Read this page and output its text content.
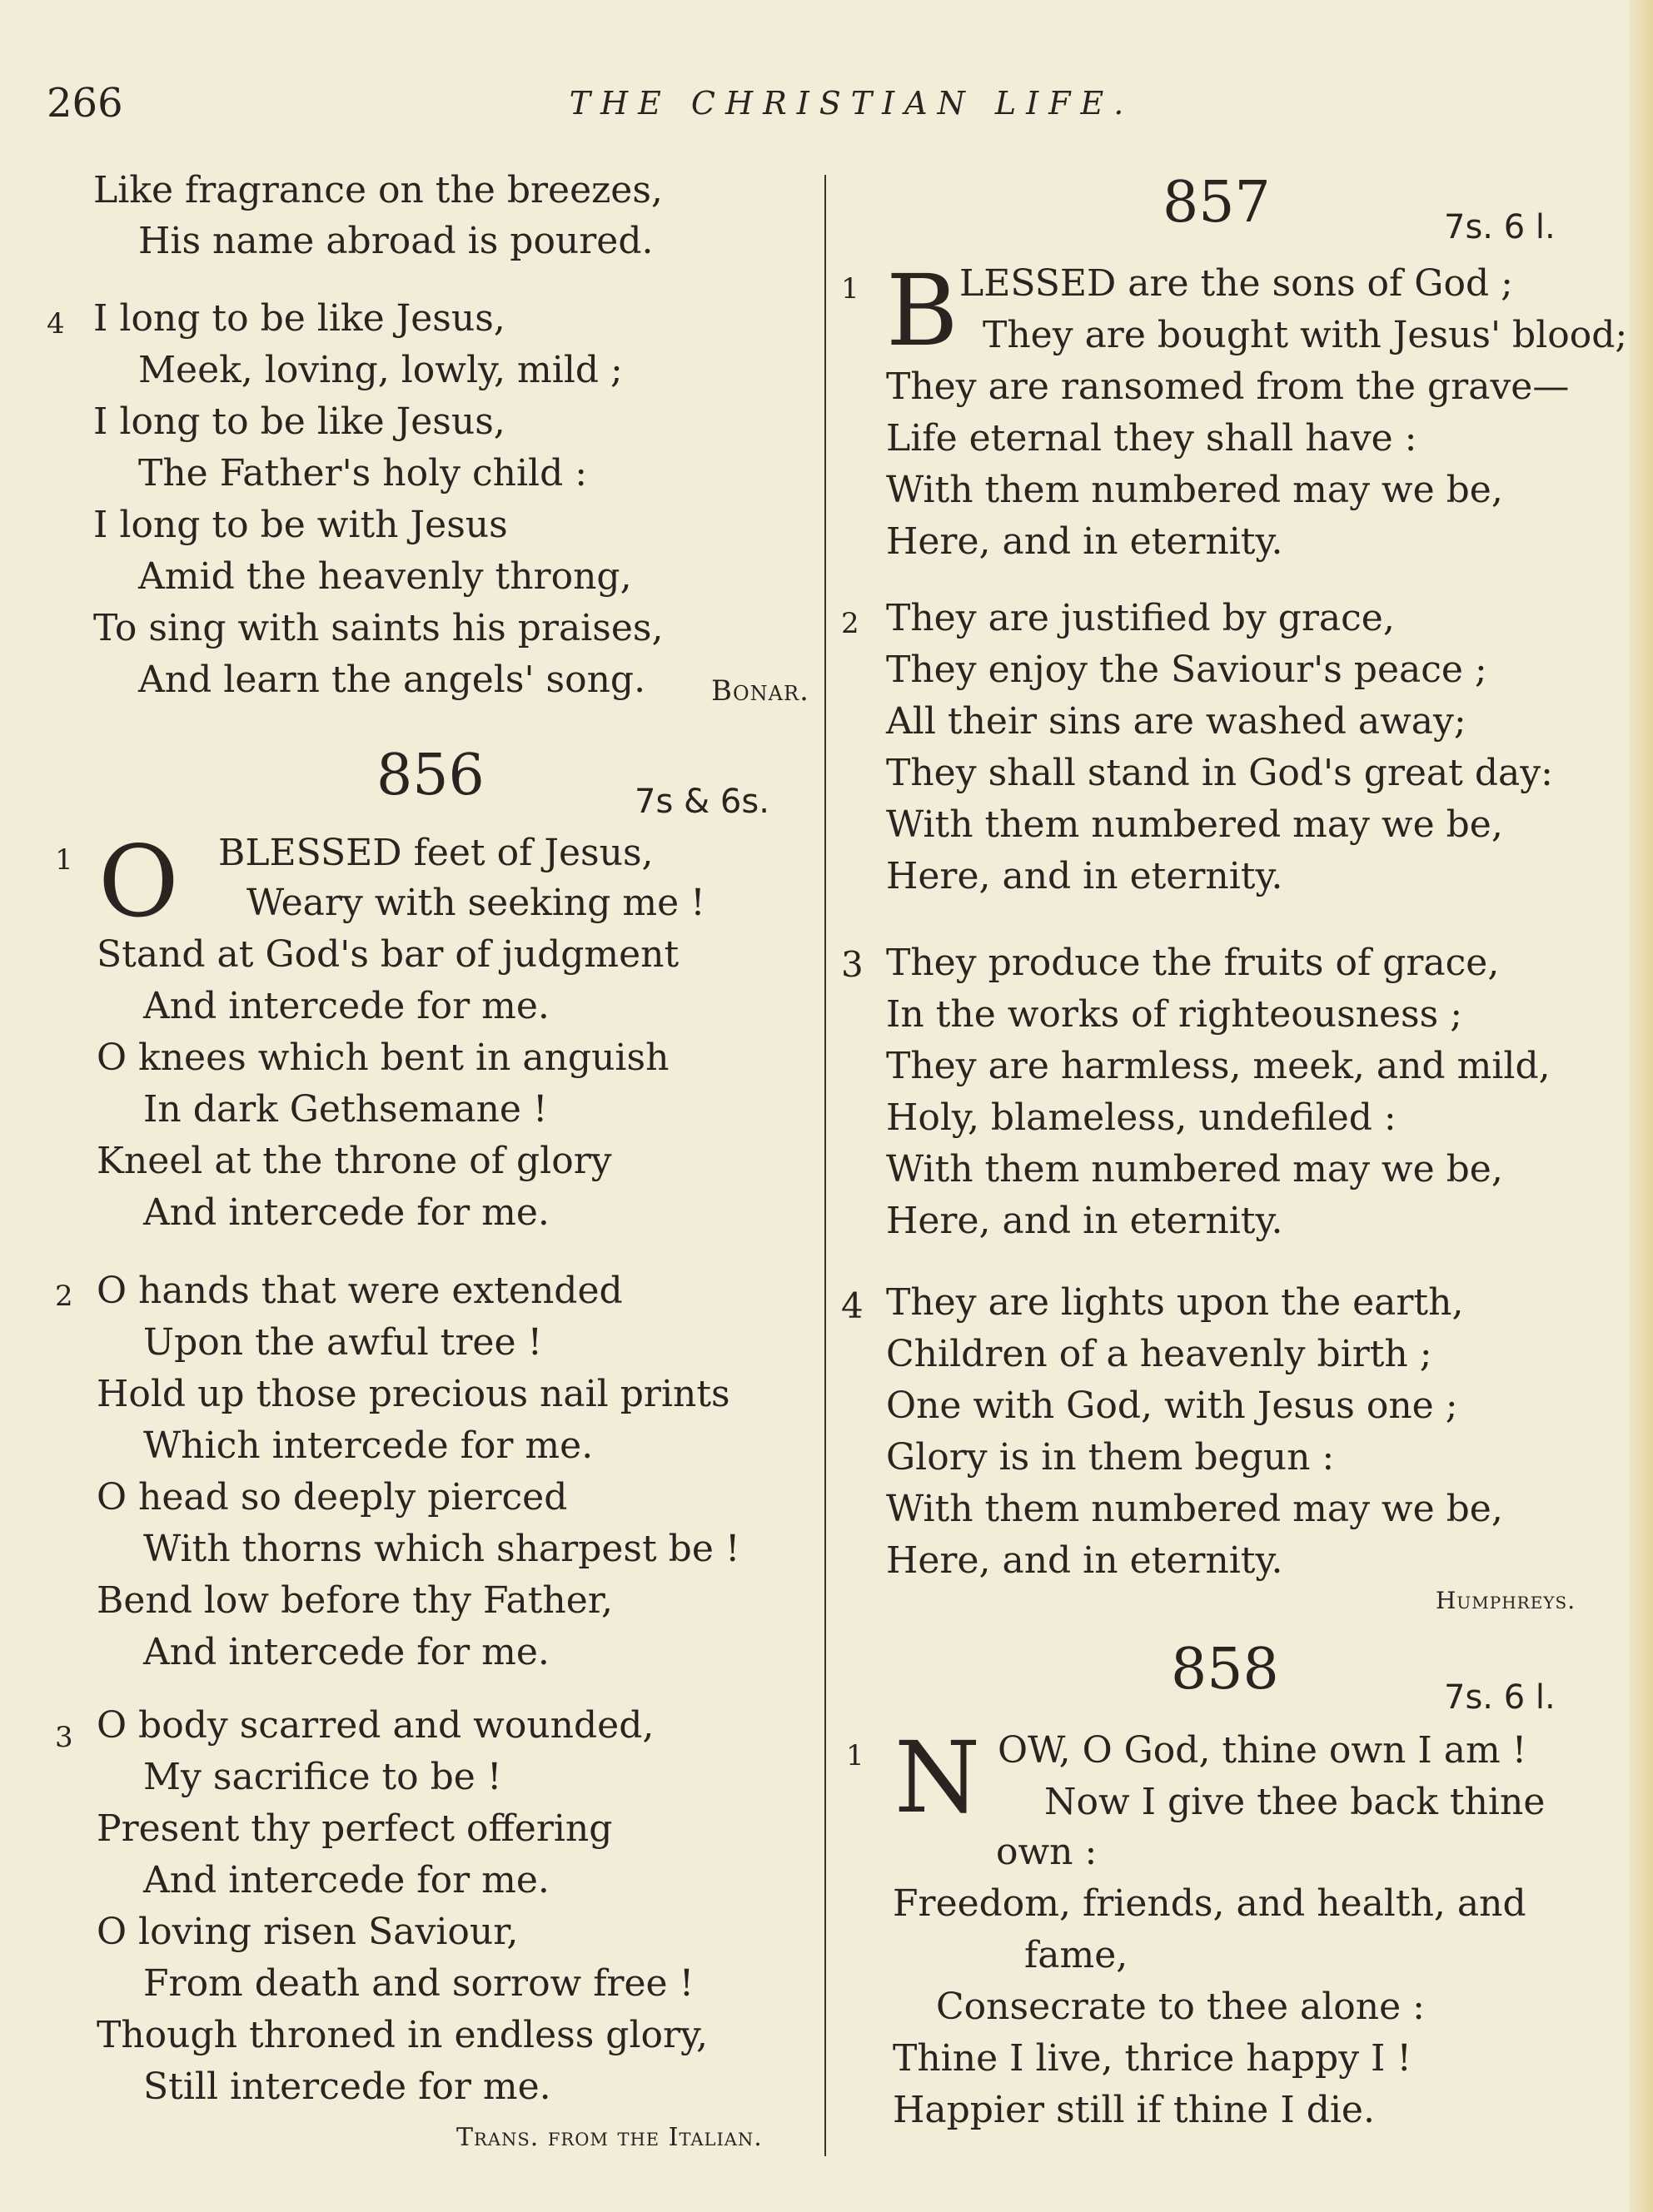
266	THE CHRISTIAN LIFE.
Like fragrance on the breezes,
His name abroad is poured.
4 I long to be like Jesus,
Meek, loving, lowly, mild ;
I long to be like Jesus,
The Father's holy child :
I long to be with Jesus
Amid the heavenly throng,
To sing with saints his praises,
And learn the angels' song. Bonar.
856	7s & 6s.
1 O BLESSED feet of Jesus,
Weary with seeking me !
Stand at God's bar of judgment
And intercede for me.
O knees which bent in anguish
In dark Gethsemane !
Kneel at the throne of glory
And intercede for me.
2 O hands that were extended
Upon the awful tree !
Hold up those precious nail prints
Which intercede for me.
O head so deeply pierced
With thorns which sharpest be !
Bend low before thy Father,
And intercede for me.
3 O body scarred and wounded,
My sacrifice to be !
Present thy perfect offering
And intercede for me.
O loving risen Saviour,
From death and sorrow free !
Though throned in endless glory,
Still intercede for me.
Trans. from the Italian.
857	7s. 6 l.
1 B LESSED are the sons of God ;
They are bought with Jesus' blood;
They are ransomed from the grave—
Life eternal they shall have :
With them numbered may we be,
Here, and in eternity.
2 They are justified by grace,
They enjoy the Saviour's peace ;
All their sins are washed away;
They shall stand in God's great day:
With them numbered may we be,
Here, and in eternity.
3 They produce the fruits of grace,
In the works of righteousness ;
They are harmless, meek, and mild,
Holy, blameless, undefiled :
With them numbered may we be,
Here, and in eternity.
4 They are lights upon the earth,
Children of a heavenly birth ;
One with God, with Jesus one ;
Glory is in them begun :
With them numbered may we be,
Here, and in eternity.
Humphreys.
858	7s. 6 l.
1 N OW, O God, thine own I am !
Now I give thee back thine
own :
Freedom, friends, and health, and
fame,
Consecrate to thee alone :
Thine I live, thrice happy I !
Happier still if thine I die.
